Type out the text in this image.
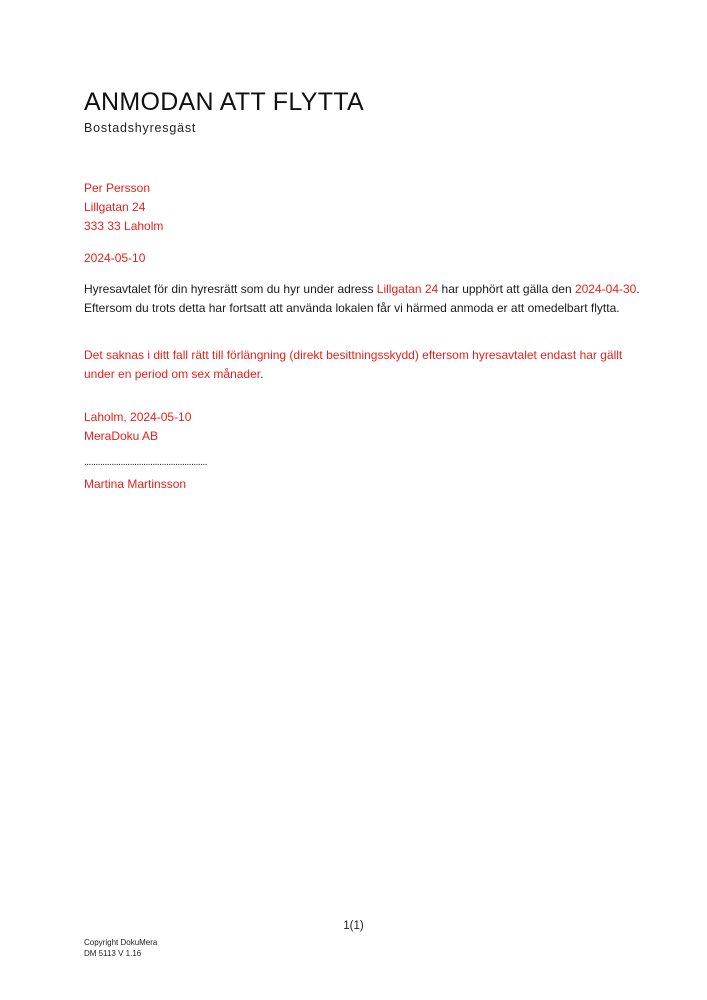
ANMODAN ATT FLYTTA
Bostadshyresgäst
Per Persson
Lillgatan 24
333 33 Laholm
2024-05-10
Hyresavtalet för din hyresrätt som du hyr under adress Lillgatan 24 har upphört att gälla den 2024-04-30. Eftersom du trots detta har fortsatt att använda lokalen får vi härmed anmoda er att omedelbart flytta.
Det saknas i ditt fall rätt till förlängning (direkt besittningsskydd) eftersom hyresavtalet endast har gällt under en period om sex månader.
Laholm, 2024-05-10
MeraDoku AB
......................................................
Martina Martinsson
1(1)
Copyright DokuMera
DM 5113 V 1.16
